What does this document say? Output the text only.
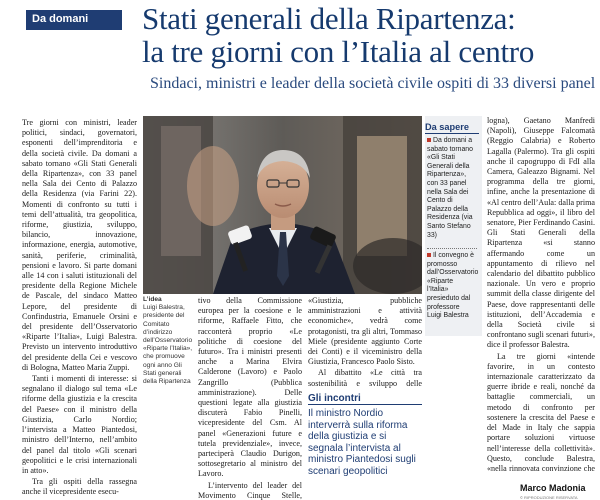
Da domani	Stati generali della Ripartenza:
la tre giorni con l’Italia al centro
Sindaci, ministri e leader della società civile ospiti di 33 diversi panel

Tre giorni con ministri, leader politici, sindaci, governatori, esponenti dell’imprenditoria e della società civile. Da domani a sabato tornano «Gli Stati Generali della Ripartenza», con 33 panel nella Sala dei Cento di Palazzo della Residenza (via Farini 22). Momenti di confronto su tutti i temi dell’attualità, tra geopolitica, riforme, giustizia, sviluppo, bilancio, innovazione, informazione, energia, automotive, sanità, periferie, criminalità, pensioni e lavoro. Si parte domani alle 14 con i saluti istituzionali del presidente della Regione Michele de Pascale, del sindaco Matteo Lepore, del presidente di Confindustria, Emanuele Orsini e del presidente dell’Osservatorio «Riparte l’Italia», Luigi Balestra. Previsto un intervento introduttivo del presidente della Cei e vescovo di Bologna, Matteo Maria Zuppi.

Tanti i momenti di interesse: si segnalano il dialogo sul tema «Le riforme della giustizia e la crescita del Paese» con il ministro della Giustizia, Carlo Nordio; l’intervista a Matteo Piantedosi, ministro dell’Interno, nell’ambito del panel dal titolo «Gli scenari geopolitici e le crisi internazionali in atto».

Tra gli ospiti della rassegna anche il vicepresidente esecu-

L’idea
Luigi Balestra, presidente del Comitato d’indirizzo dell’Osservatorio «Riparte l’Italia», che promuove ogni anno Gli Stati generali della Ripartenza

tivo della Commissione europea per la coesione e le riforme, Raffaele Fitto, che racconterà proprio «Le politiche di coesione del futuro». Tra i ministri presenti anche a Marina Elvira Calderone (Lavoro) e Paolo Zangrillo (Pubblica amministrazione). Delle questioni legate alla giustizia discuterà Fabio Pinelli, vicepresidente del Csm. Al panel «Generazioni future e tutela previdenziale», invece, parteciperà Claudio Durigon, sottosegretario al ministro del Lavoro.

L’intervento del leader del Movimento Cinque Stelle,

«Giustizia, pubbliche amministrazioni e attività economiche», vedrà come protagonisti, tra gli altri, Tommaso Miele (presidente aggiunto Corte dei Conti) e il viceministro della Giustizia, Francesco Paolo Sisto.

Al dibattito «Le città tra sostenibilità e sviluppo delle

Gli incontri
Il ministro Nordio interverrà sulla riforma della giustizia e si segnala l’intervista al ministro Piantedosi sugli scenari geopolitici
Da sapere
Da domani a sabato tornano «Gli Stati Generali della Ripartenza», con 33 panel nella Sala dei Cento di Palazzo della Residenza (via Santo Stefano 33)
Il convegno è promosso dall’Osservatorio «Riparte l’Italia» presieduto dal professore Luigi Balestra

logna), Gaetano Manfredi (Napoli), Giuseppe Falcomatà (Reggio Calabria) e Roberto Lagalla (Palermo). Tra gli ospiti anche il capogruppo di FdI alla Camera, Galeazzo Bignami. Nel programma della tre giorni, infine, anche la presentazione di «Al centro dell’Aula: dalla prima Repubblica ad oggi», il libro del senatore, Pier Ferdinando Casini. Gli Stati Generali della Ripartenza «si stanno affermando come un appuntamento di rilievo nel calendario del dibattito pubblico nazionale. Un vero e proprio summit della classe dirigente del Paese, dove rappresentanti delle istituzioni, dell’Accademia e della Società civile si confrontano sugli scenari futuri», dice il professor Balestra.

La tre giorni «intende favorire, in un contesto internazionale caratterizzato da guerre ibride e reali, nonché da battaglie commerciali, un metodo di confronto per sostenere la crescita del Paese e del Made in Italy che sappia portare soluzioni virtuose nell’interesse della collettività». Questo, conclude Balestra, «nella rinnovata convinzione che

Marco Madonia
© RIPRODUZIONE RISERVATA
